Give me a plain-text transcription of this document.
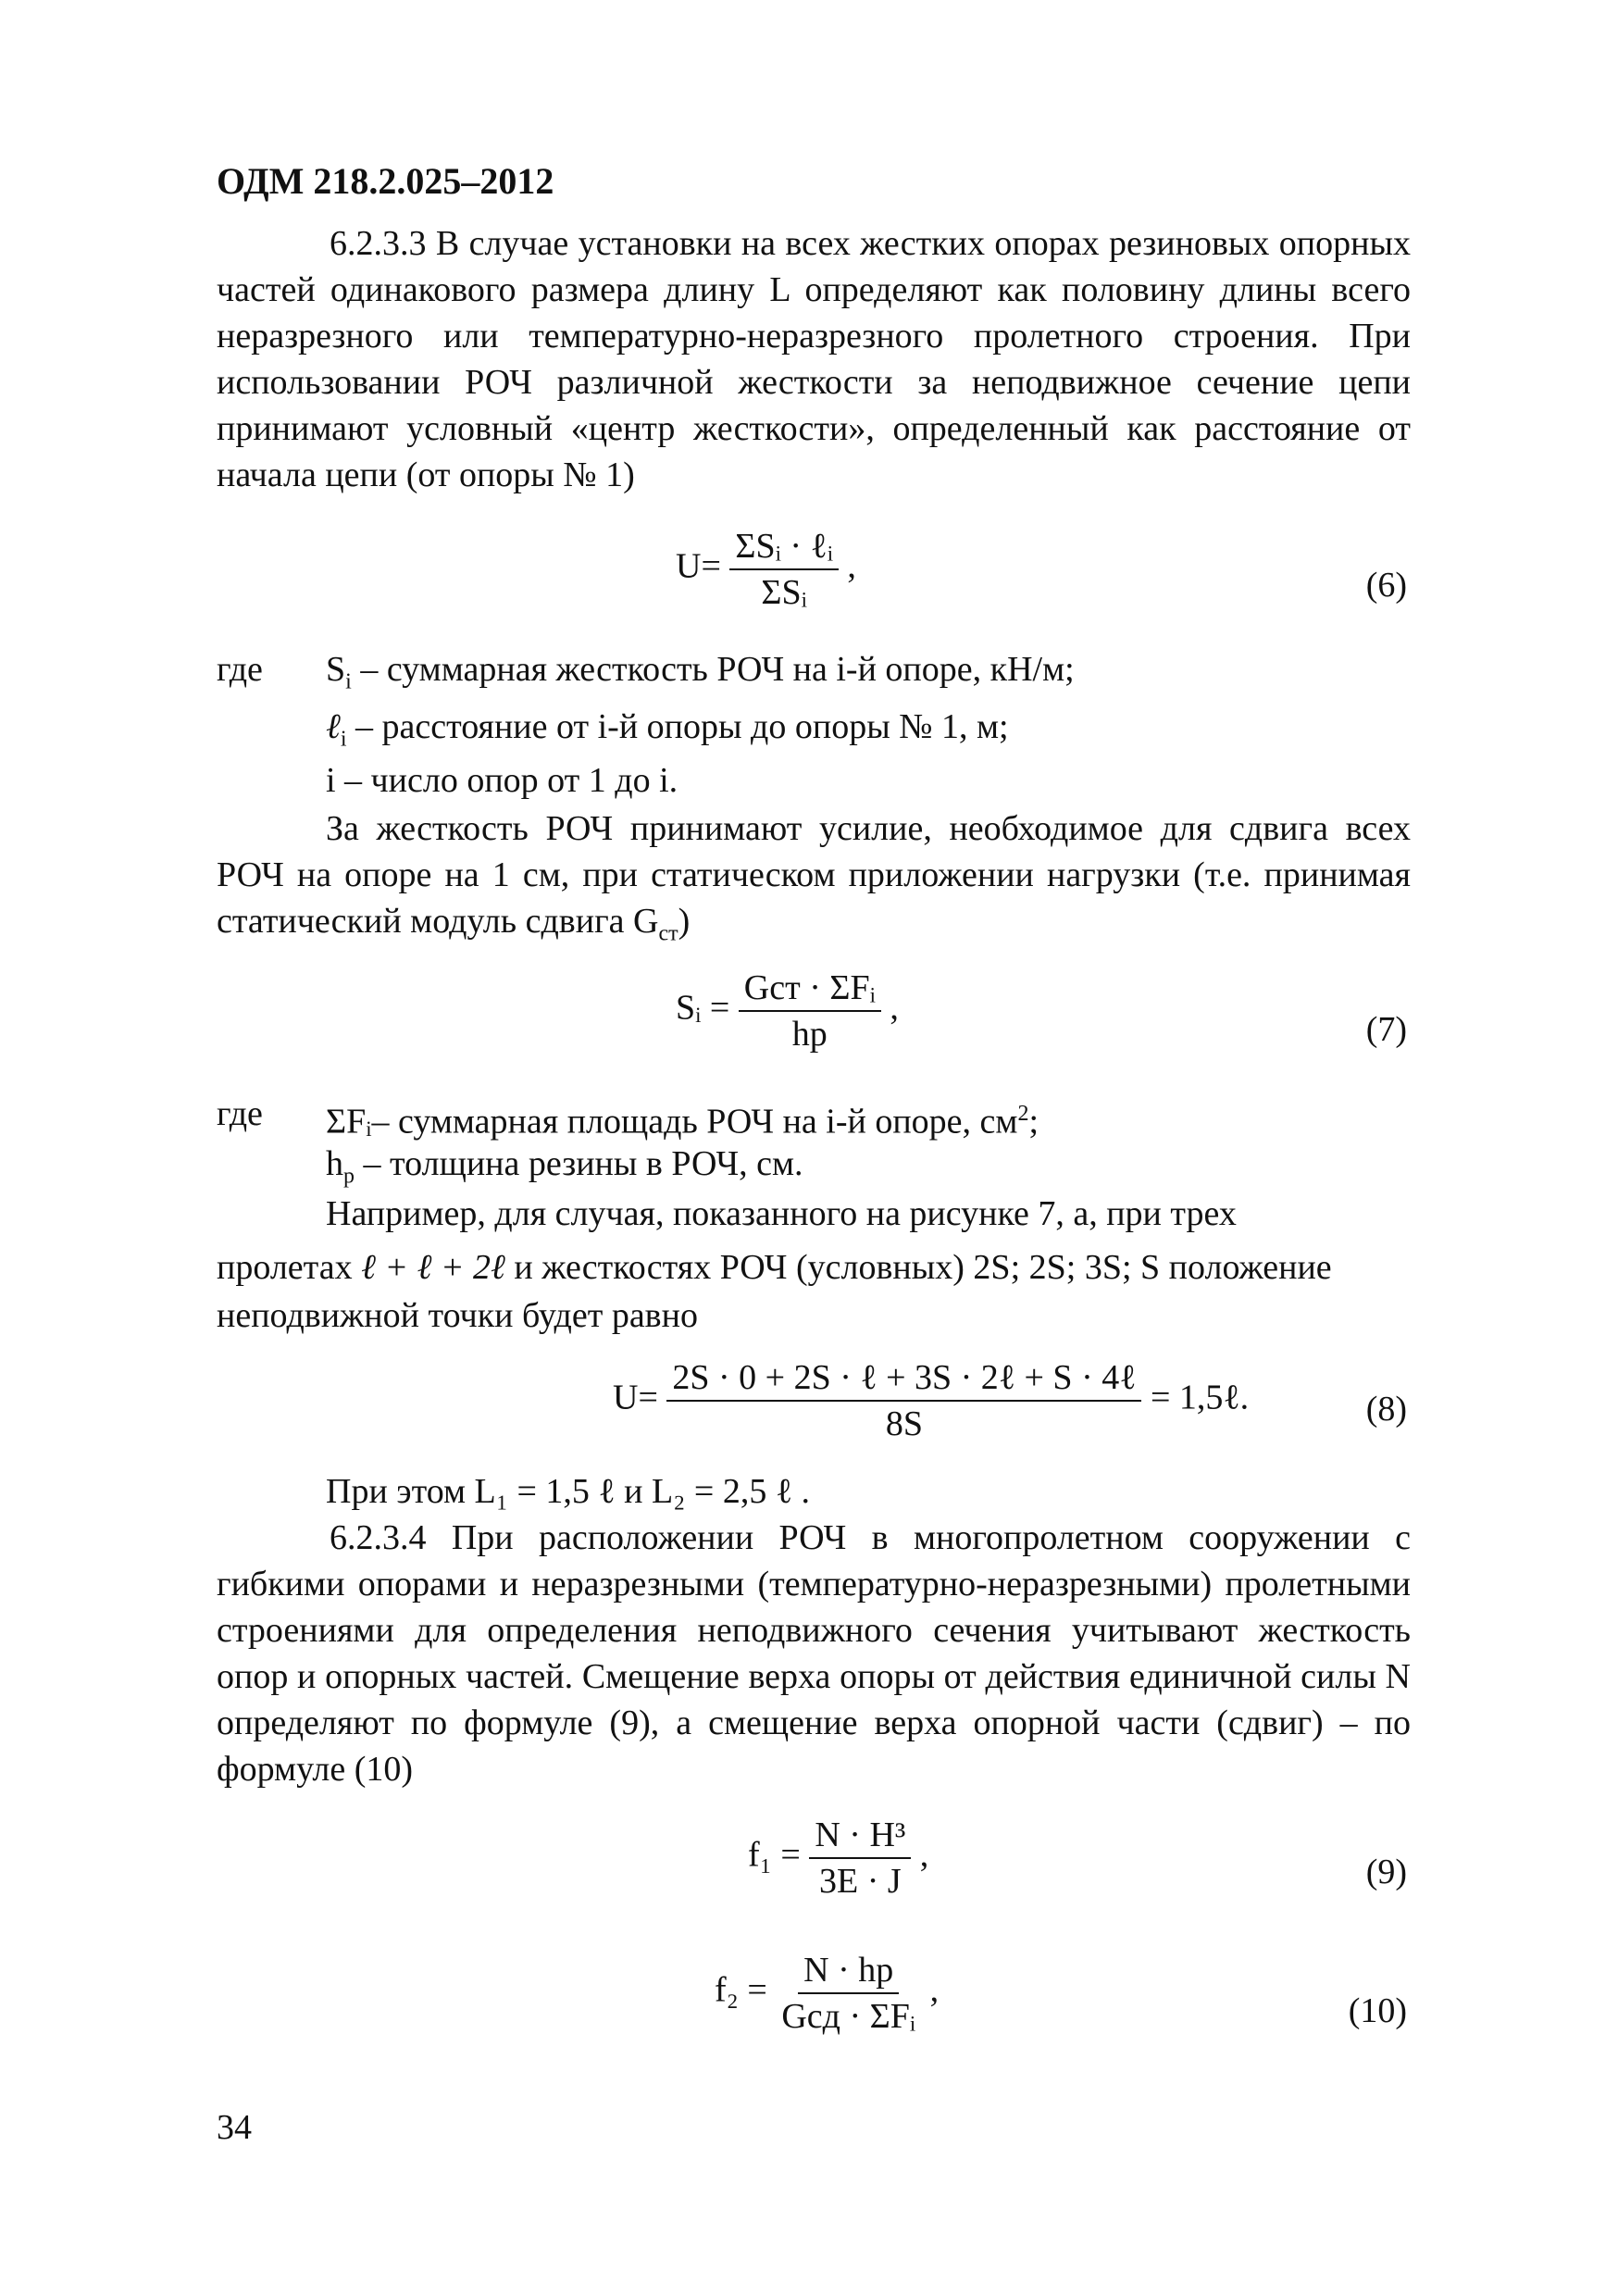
ОДМ 218.2.025–2012
6.2.3.3 В случае установки на всех жестких опорах резиновых опорных частей одинакового размера длину L определяют как половину длины всего неразрезного или температурно-неразрезного пролетного строения. При использовании РОЧ различной жесткости за неподвижное сечение цепи принимают условный «центр жесткости», определенный как расстояние от начала цепи (от опоры № 1)
$U= \frac{\text{ΣSᵢ · ℓᵢ}}{\text{ΣSᵢ}}$ ,	(6)
где $S_i$ – суммарная жесткость РОЧ на i-й опоре, кН/м;
ℓ$_i$ – расстояние от i-й опоры до опоры № 1, м;
i – число опор от 1 до i.
За жесткость РОЧ принимают усилие, необходимое для сдвига всех РОЧ на опоре на 1 см, при статическом приложении нагрузки (т.е. принимая статический модуль сдвига $G_{ст}$)
Sᵢ = $\frac{\text{Gст · ΣFᵢ}}{hр}$ ,
(7)
где ΣFᵢ– суммарная площадь РОЧ на i-й опоре, $см^2$;
$h_р$ – толщина резины в РОЧ, см.
Например, для случая, показанного на рисунке 7, а, при трех
пролетах ℓ + ℓ + 2ℓ и жесткостях РОЧ (условных) 2S; 2S; 3S; S положение
неподвижной точки будет равно
$U= \frac{\text{2S · 0 + 2S · ℓ + 3S · 2ℓ + S · 4ℓ}}{8S}$ = 1,5ℓ.	(8)
При этом L₁ = 1,5 ℓ и L₂ = 2,5 ℓ .
6.2.3.4 При расположении РОЧ в многопролетном сооружении с гибкими опорами и неразрезными (температурно-неразрезными) пролетными строениями для определения неподвижного сечения учитывают жесткость опор и опорных частей. Смещение верха опоры от действия единичной силы N определяют по формуле (9), а смещение верха опорной части (сдвиг) – по формуле (10)
$f_1 = \frac{\text{N · H³}}{3E \cdot J}$ ,	(9)
$f_2 = \frac{N \cdot hр}{\text{Gсд · ΣFᵢ}}$ ,
(10)
34
